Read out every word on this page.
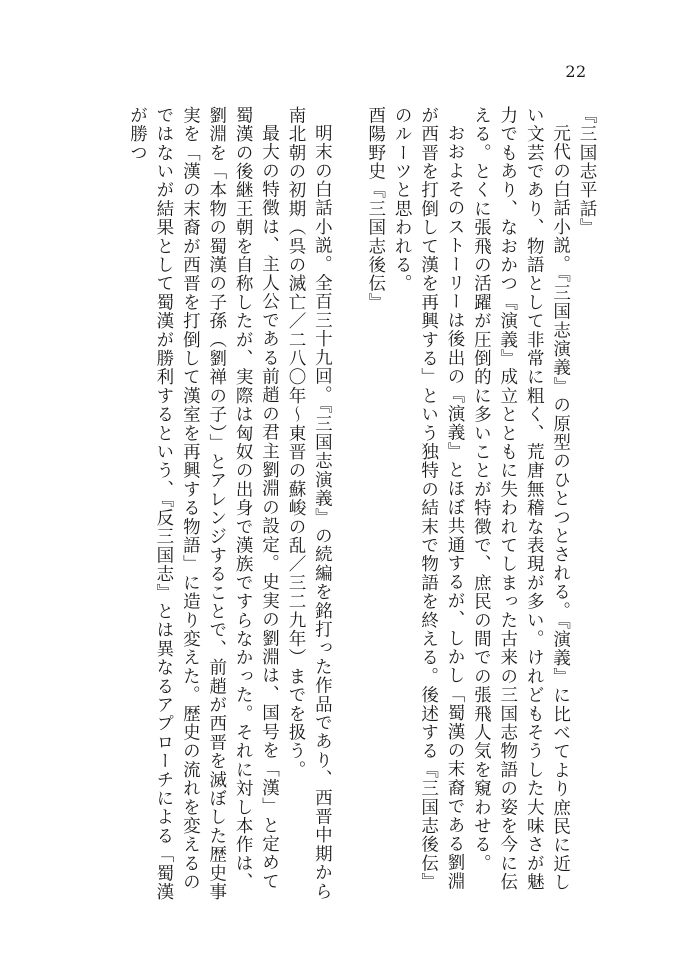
22

『三国志平話』

元代の白話小説。『三国志演義』の原型のひとつとされる。『演義』に比べてより庶民に近しい文芸であり、物語として非常に粗く、荒唐無稽な表現が多い。けれどもそうした大味さが魅力でもあり、なおかつ『演義』成立とともに失われてしまった古来の三国志物語の姿を今に伝える。とくに張飛の活躍が圧倒的に多いことが特徴で、庶民の間での張飛人気を窺わせる。

おおよそのストーリーは後出の『演義』とほぼ共通するが、しかし「蜀漢の末裔である劉淵が西晋を打倒して漢を再興する」という独特の結末で物語を終える。後述する『三国志後伝』のルーツと思われる。

酉陽野史『三国志後伝』

明末の白話小説。全百三十九回。『三国志演義』の続編を銘打った作品であり、西晋中期から南北朝の初期（呉の滅亡／二八〇年～東晋の蘇峻の乱／三二九年）までを扱う。

最大の特徴は、主人公である前趙の君主劉淵の設定。史実の劉淵は、国号を「漢」と定めて蜀漢の後継王朝を自称したが、実際は匈奴の出身で漢族ですらなかった。それに対し本作は、劉淵を「本物の蜀漢の子孫（劉禅の子）」とアレンジすることで、前趙が西晋を滅ぼした歴史事実を「漢の末裔が西晋を打倒して漢室を再興する物語」に造り変えた。歴史の流れを変えるのではないが結果として蜀漢が勝利するという、『反三国志』とは異なるアプローチによる「蜀漢が勝つ
